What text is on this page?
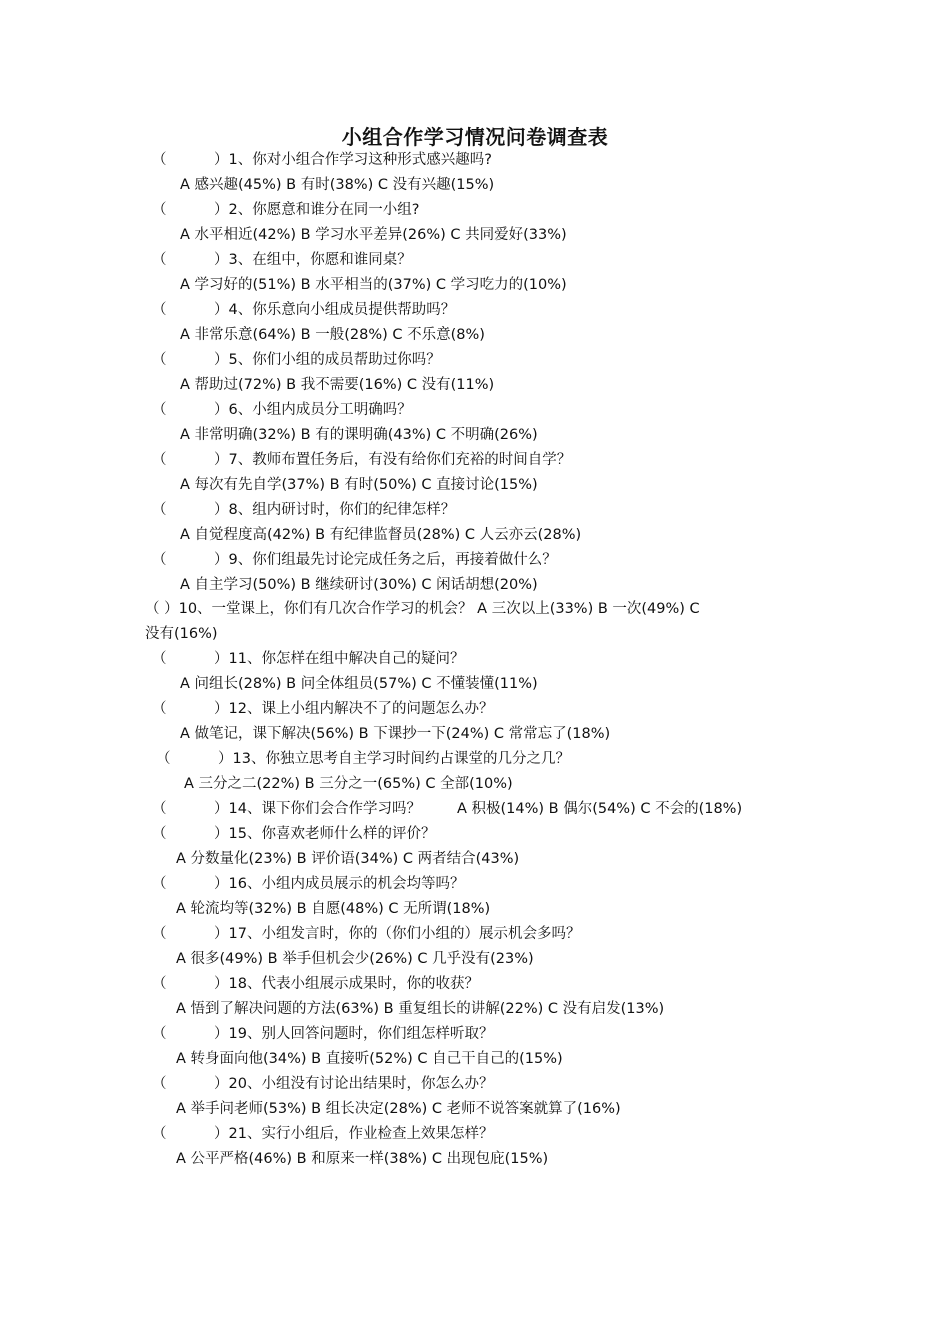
小组合作学习情况问卷调查表
（	）1、你对小组合作学习这种形式感兴趣吗?
A 感兴趣(45%) B 有时(38%) C 没有兴趣(15%)
（	）2、你愿意和谁分在同一小组?
A 水平相近(42%) B 学习水平差异(26%) C 共同爱好(33%)
（	）3、在组中，你愿和谁同桌？
A 学习好的(51%) B 水平相当的(37%) C 学习吃力的(10%)
（	）4、你乐意向小组成员提供帮助吗？
A 非常乐意(64%) B 一般(28%) C 不乐意(8%)
（	）5、你们小组的成员帮助过你吗？
A 帮助过(72%) B 我不需要(16%) C 没有(11%)
（	）6、小组内成员分工明确吗？
A 非常明确(32%) B 有的课明确(43%) C 不明确(26%)
（	）7、教师布置任务后，有没有给你们充裕的时间自学？
A 每次有先自学(37%) B 有时(50%) C 直接讨论(15%)
（	）8、组内研讨时，你们的纪律怎样？
A 自觉程度高(42%) B 有纪律监督员(28%) C 人云亦云(28%)
（	）9、你们组最先讨论完成任务之后，再接着做什么？
A 自主学习(50%) B 继续研讨(30%) C 闲话胡想(20%)
（ ）10、一堂课上，你们有几次合作学习的机会？ A 三次以上(33%) B 一次(49%) C
没有(16%)
（	）11、你怎样在组中解决自己的疑问？
A 问组长(28%) B 问全体组员(57%) C 不懂装懂(11%)
（	）12、课上小组内解决不了的问题怎么办？
A 做笔记，课下解决(56%) B 下课抄一下(24%) C 常常忘了(18%)
（	）13、你独立思考自主学习时间约占课堂的几分之几？
A 三分之二(22%) B 三分之一(65%) C 全部(10%)
（	）14、课下你们会合作学习吗？ A 积极(14%) B 偶尔(54%) C 不会的(18%)
（	）15、你喜欢老师什么样的评价？
A 分数量化(23%) B 评价语(34%) C 两者结合(43%)
（	）16、小组内成员展示的机会均等吗？
A 轮流均等(32%) B 自愿(48%) C 无所谓(18%)
（	）17、小组发言时，你的（你们小组的）展示机会多吗？
A 很多(49%) B 举手但机会少(26%) C 几乎没有(23%)
（	）18、代表小组展示成果时，你的收获？
A 悟到了解决问题的方法(63%) B 重复组长的讲解(22%) C 没有启发(13%)
（	）19、别人回答问题时，你们组怎样听取？
A 转身面向他(34%) B 直接听(52%) C 自己干自己的(15%)
（	）20、小组没有讨论出结果时，你怎么办？
A 举手问老师(53%) B 组长决定(28%) C 老师不说答案就算了(16%)
（	）21、实行小组后，作业检查上效果怎样？
A 公平严格(46%) B 和原来一样(38%) C 出现包庇(15%)
